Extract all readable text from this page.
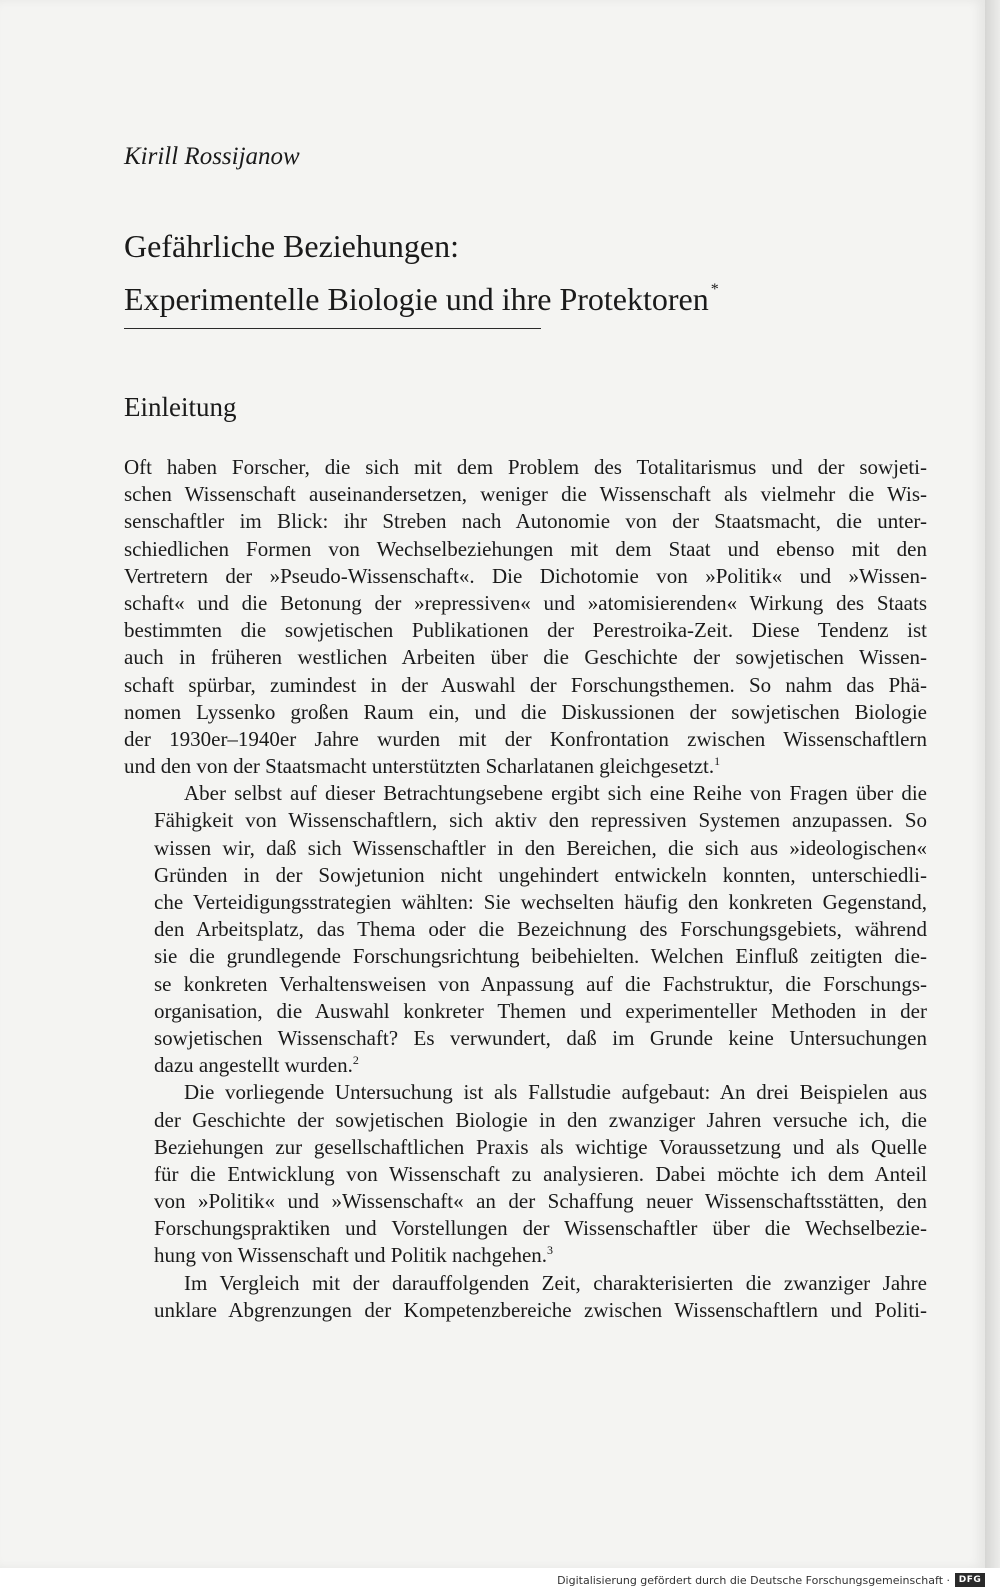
Kirill Rossijanow
Gefährliche Beziehungen:
Experimentelle Biologie und ihre Protektoren *
Einleitung

Oft haben Forscher, die sich mit dem Problem des Totalitarismus und der sowjeti-
schen Wissenschaft auseinandersetzen, weniger die Wissenschaft als vielmehr die Wis-
senschaftler im Blick: ihr Streben nach Autonomie von der Staatsmacht, die unter-
schiedlichen Formen von Wechselbeziehungen mit dem Staat und ebenso mit den
Vertretern der »Pseudo-Wissenschaft«. Die Dichotomie von »Politik« und »Wissen-
schaft« und die Betonung der »repressiven« und »atomisierenden« Wirkung des Staats
bestimmten die sowjetischen Publikationen der Perestroika-Zeit. Diese Tendenz ist
auch in früheren westlichen Arbeiten über die Geschichte der sowjetischen Wissen-
schaft spürbar, zumindest in der Auswahl der Forschungsthemen. So nahm das Phä-
nomen Lyssenko großen Raum ein, und die Diskussionen der sowjetischen Biologie
der 1930er–1940er Jahre wurden mit der Konfrontation zwischen Wissenschaftlern
und den von der Staatsmacht unterstützten Scharlatanen gleichgesetzt.$^1$

Aber selbst auf dieser Betrachtungsebene ergibt sich eine Reihe von Fragen über die
Fähigkeit von Wissenschaftlern, sich aktiv den repressiven Systemen anzupassen. So
wissen wir, daß sich Wissenschaftler in den Bereichen, die sich aus »ideologischen«
Gründen in der Sowjetunion nicht ungehindert entwickeln konnten, unterschiedli-
che Verteidigungsstrategien wählten: Sie wechselten häufig den konkreten Gegenstand,
den Arbeitsplatz, das Thema oder die Bezeichnung des Forschungsgebiets, während
sie die grundlegende Forschungsrichtung beibehielten. Welchen Einfluß zeitigten die-
se konkreten Verhaltensweisen von Anpassung auf die Fachstruktur, die Forschungs-
organisation, die Auswahl konkreter Themen und experimenteller Methoden in der
sowjetischen Wissenschaft? Es verwundert, daß im Grunde keine Untersuchungen
dazu angestellt wurden.$^2$

Die vorliegende Untersuchung ist als Fallstudie aufgebaut: An drei Beispielen aus
der Geschichte der sowjetischen Biologie in den zwanziger Jahren versuche ich, die
Beziehungen zur gesellschaftlichen Praxis als wichtige Voraussetzung und als Quelle
für die Entwicklung von Wissenschaft zu analysieren. Dabei möchte ich dem Anteil
von »Politik« und »Wissenschaft« an der Schaffung neuer Wissenschaftsstätten, den
Forschungspraktiken und Vorstellungen der Wissenschaftler über die Wechselbezie-
hung von Wissenschaft und Politik nachgehen.$^3$

Im Vergleich mit der darauffolgenden Zeit, charakterisierten die zwanziger Jahre
unklare Abgrenzungen der Kompetenzbereiche zwischen Wissenschaftlern und Politi-

Digitalisierung gefördert durch die Deutsche Forschungsgemeinschaft · DFG
